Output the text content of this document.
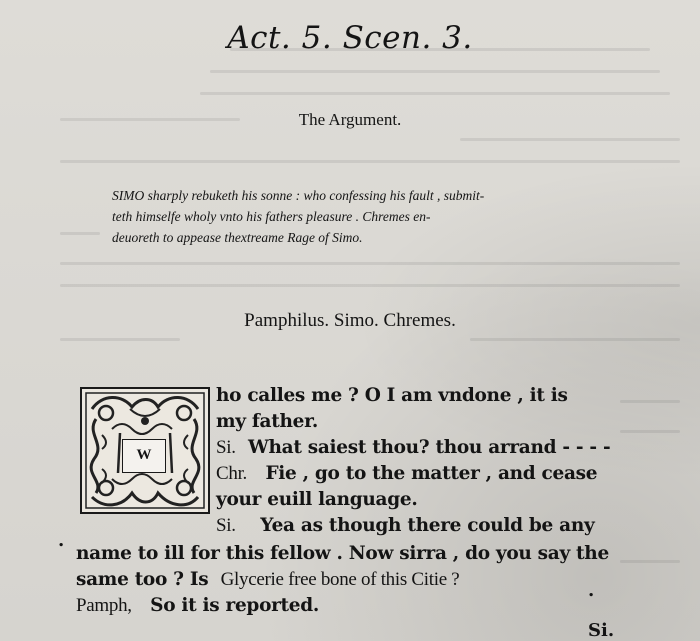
Act. 5. Scen. 3.
The Argument.
SIMO sharply rebuketh his sonne : who confessing his fault , submit-
teth himselfe wholy vnto his fathers pleasure . Chremes en-
deuoreth to appease thextreame Rage of Simo.
Pamphilus. Simo. Chremes.
W
ho calles me ? O I am vndone , it is
my father.
Si. What saiest thou? thou arrand - - - -
Chr. Fie , go to the matter , and cease
your euill language.
Si. Yea as though there could be any
name to ill for this fellow . Now sirra , do you say the
same too ? Is Glycerie free bone of this Citie ?
Pamph, So it is reported.
.
.
Si.
